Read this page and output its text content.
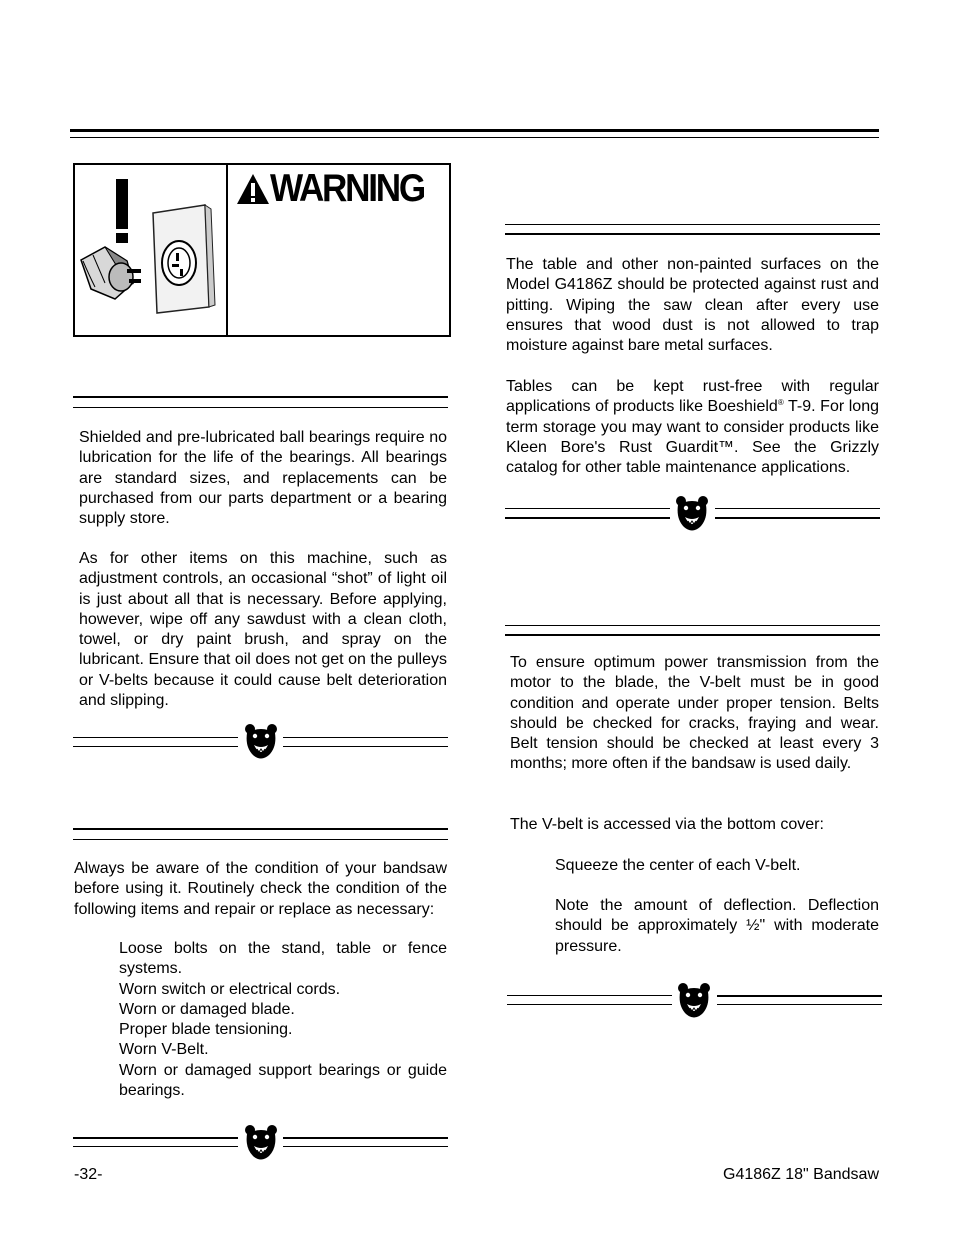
WARNING

Shielded and pre-lubricated ball bearings require no lubrication for the life of the bearings. All bearings are standard sizes, and replacements can be purchased from our parts department or a bearing supply store.

As for other items on this machine, such as adjustment controls, an occasional “shot” of light oil is just about all that is necessary. Before applying, however, wipe off any sawdust with a clean cloth, towel, or dry paint brush, and spray on the lubricant. Ensure that oil does not get on the pulleys or V-belts because it could cause belt deterioration and slipping.

Always be aware of the condition of your bandsaw before using it. Routinely check the condition of the following items and repair or replace as necessary:

Loose bolts on the stand, table or fence systems.
Worn switch or electrical cords.
Worn or damaged blade.
Proper blade tensioning.
Worn V-Belt.
Worn or damaged support bearings or guide bearings.

The table and other non-painted surfaces on the Model G4186Z should be protected against rust and pitting. Wiping the saw clean after every use ensures that wood dust is not allowed to trap moisture against bare metal surfaces.

Tables can be kept rust-free with regular applications of products like Boeshield® T-9. For long term storage you may want to consider products like Kleen Bore's Rust Guardit™. See the Grizzly catalog for other table maintenance applications.

To ensure optimum power transmission from the motor to the blade, the V-belt must be in good condition and operate under proper tension. Belts should be checked for cracks, fraying and wear. Belt tension should be checked at least every 3 months; more often if the bandsaw is used daily.

The V-belt is accessed via the bottom cover:

Squeeze the center of each V-belt.

Note the amount of deflection. Deflection should be approximately ½" with moderate pressure.

-32-	G4186Z 18" Bandsaw
